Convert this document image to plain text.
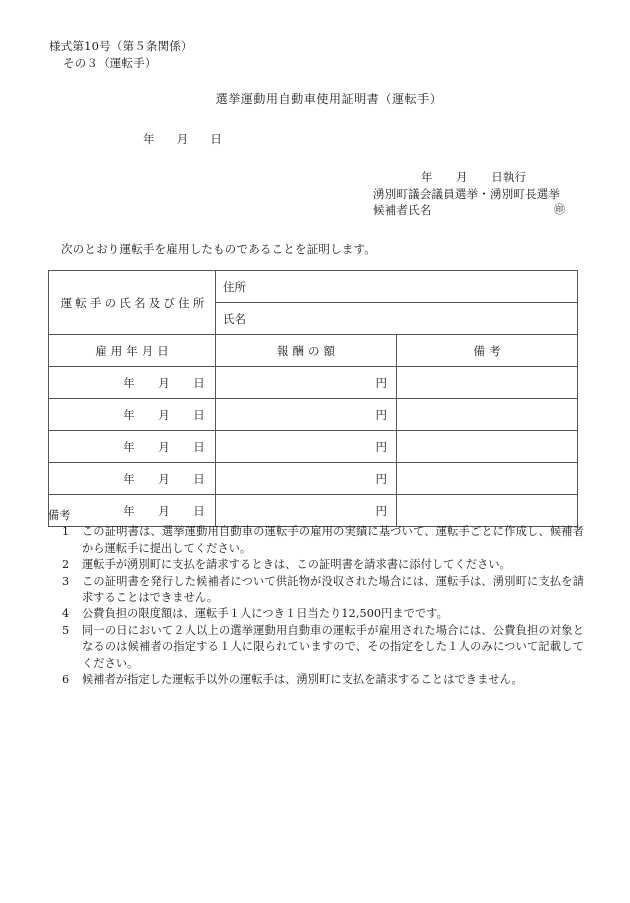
様式第10号（第５条関係）
その３（運転手）
選挙運動用自動車使用証明書（運転手）
年 月 日
年　　月　　日執行
湧別町議会議員選挙・湧別町長選挙
候補者氏名	㊞
次のとおり運転手を雇用したものであることを証明します。
運転手の氏名及び住所	住所	
	氏名	
雇用年月日	報酬の額	備考
年　　月　　日	円	
年　　月　　日	円	
年　　月　　日	円	
年　　月　　日	円	
年　　月　　日	円	
備考
1	この証明書は、選挙運動用自動車の運転手の雇用の実績に基づいて、運転手ごとに作成し、候補者から運転手に提出してください。
2	運転手が湧別町に支払を請求するときは、この証明書を請求書に添付してください。
3	この証明書を発行した候補者について供託物が没収された場合には、運転手は、湧別町に支払を請求することはできません。
4	公費負担の限度額は、運転手１人につき１日当たり12,500円までです。
5	同一の日において２人以上の選挙運動用自動車の運転手が雇用された場合には、公費負担の対象となるのは候補者の指定する１人に限られていますので、その指定をした１人のみについて記載してください。
6	候補者が指定した運転手以外の運転手は、湧別町に支払を請求することはできません。
